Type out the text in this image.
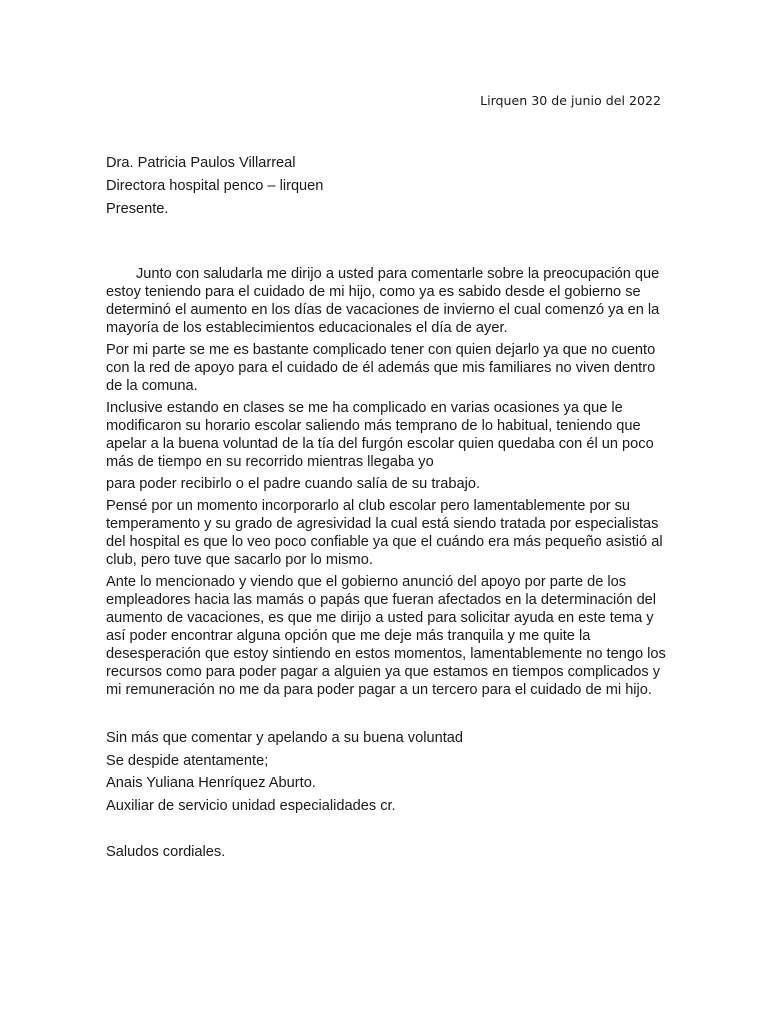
Lirquen 30 de junio del 2022

Dra. Patricia Paulos Villarreal

Directora hospital penco – lirquen

Presente.

Junto con saludarla me dirijo a usted para comentarle sobre la preocupación que estoy teniendo para el cuidado de mi hijo, como ya es sabido desde el gobierno se determinó el aumento en los días de vacaciones de invierno el cual comenzó ya en la mayoría de los establecimientos educacionales el día de ayer.

Por mi parte se me es bastante complicado tener con quien dejarlo ya que no cuento con la red de apoyo para el cuidado de él además que mis familiares no viven dentro de la comuna.

Inclusive estando en clases se me ha complicado en varias ocasiones ya que le modificaron su horario escolar saliendo más temprano de lo habitual, teniendo que apelar a la buena voluntad de la tía del furgón escolar quien quedaba con él un poco más de tiempo en su recorrido mientras llegaba yo

para poder recibirlo o el padre cuando salía de su trabajo.

Pensé por un momento incorporarlo al club escolar pero lamentablemente por su temperamento y su grado de agresividad la cual está siendo tratada por especialistas del hospital es que lo veo poco confiable ya que el cuándo era más pequeño asistió al club, pero tuve que sacarlo por lo mismo.

Ante lo mencionado y viendo que el gobierno anunció del apoyo por parte de los empleadores hacia las mamás o papás que fueran afectados en la determinación del aumento de vacaciones, es que me dirijo a usted para solicitar ayuda en este tema y así poder encontrar alguna opción que me deje más tranquila y me quite la desesperación que estoy sintiendo en estos momentos, lamentablemente no tengo los recursos como para poder pagar a alguien ya que estamos en tiempos complicados y mi remuneración no me da para poder pagar a un tercero para el cuidado de mi hijo.

Sin más que comentar y apelando a su buena voluntad

Se despide atentamente;

Anais Yuliana Henríquez Aburto.

Auxiliar de servicio unidad especialidades cr.

Saludos cordiales.
